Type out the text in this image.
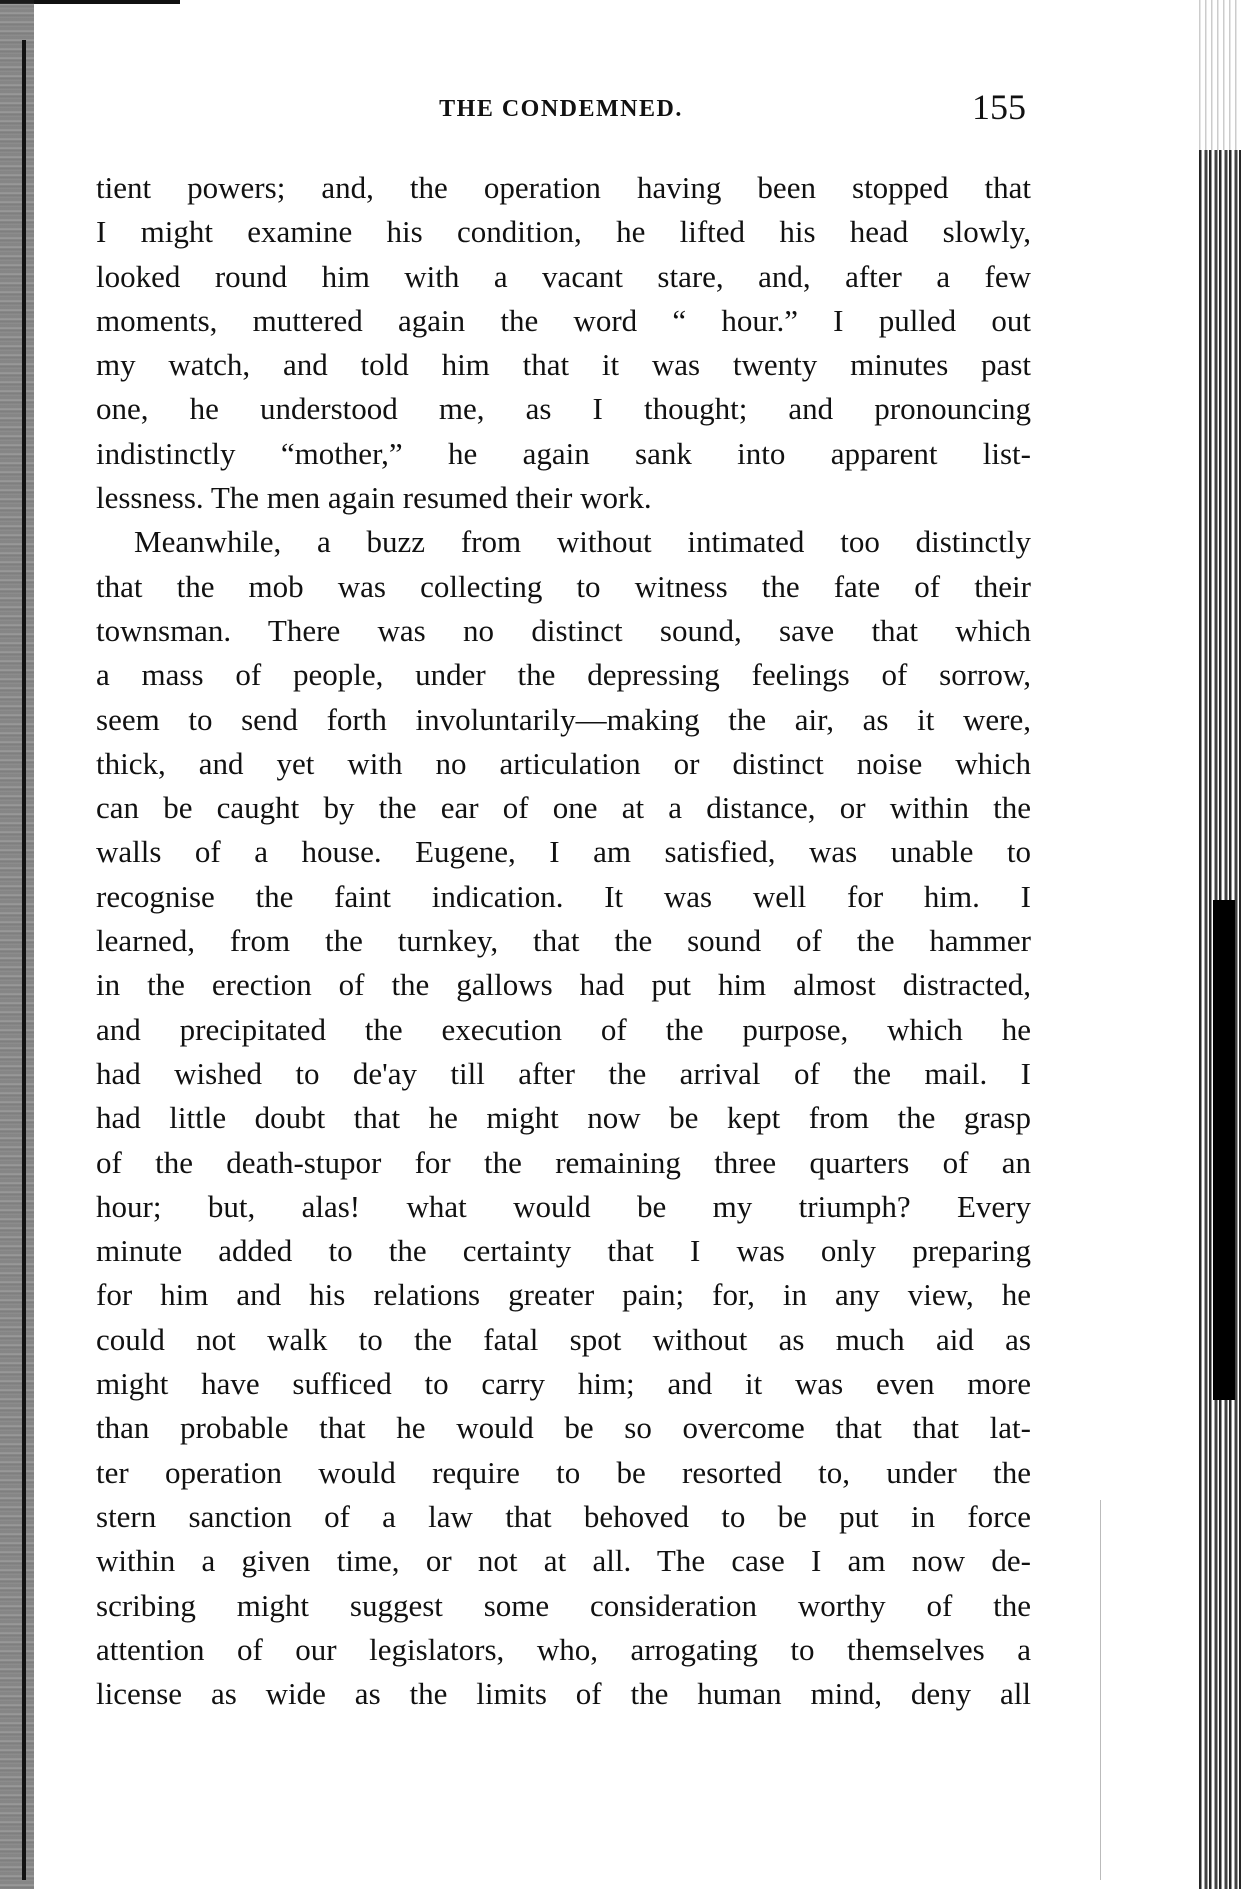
THE CONDEMNED.	155
tient powers; and, the operation having been stopped that
I might examine his condition, he lifted his head slowly,
looked round him with a vacant stare, and, after a few
moments, muttered again the word “ hour.” I pulled out
my watch, and told him that it was twenty minutes past
one, he understood me, as I thought; and pronouncing
indistinctly “mother,” he again sank into apparent list-
lessness. The men again resumed their work.
Meanwhile, a buzz from without intimated too distinctly
that the mob was collecting to witness the fate of their
townsman. There was no distinct sound, save that which
a mass of people, under the depressing feelings of sorrow,
seem to send forth involuntarily—making the air, as it were,
thick, and yet with no articulation or distinct noise which
can be caught by the ear of one at a distance, or within the
walls of a house. Eugene, I am satisfied, was unable to
recognise the faint indication. It was well for him. I
learned, from the turnkey, that the sound of the hammer
in the erection of the gallows had put him almost distracted,
and precipitated the execution of the purpose, which he
had wished to de'ay till after the arrival of the mail. I
had little doubt that he might now be kept from the grasp
of the death-stupor for the remaining three quarters of an
hour; but, alas! what would be my triumph? Every
minute added to the certainty that I was only preparing
for him and his relations greater pain; for, in any view, he
could not walk to the fatal spot without as much aid as
might have sufficed to carry him; and it was even more
than probable that he would be so overcome that that lat-
ter operation would require to be resorted to, under the
stern sanction of a law that behoved to be put in force
within a given time, or not at all. The case I am now de-
scribing might suggest some consideration worthy of the
attention of our legislators, who, arrogating to themselves a
license as wide as the limits of the human mind, deny all
